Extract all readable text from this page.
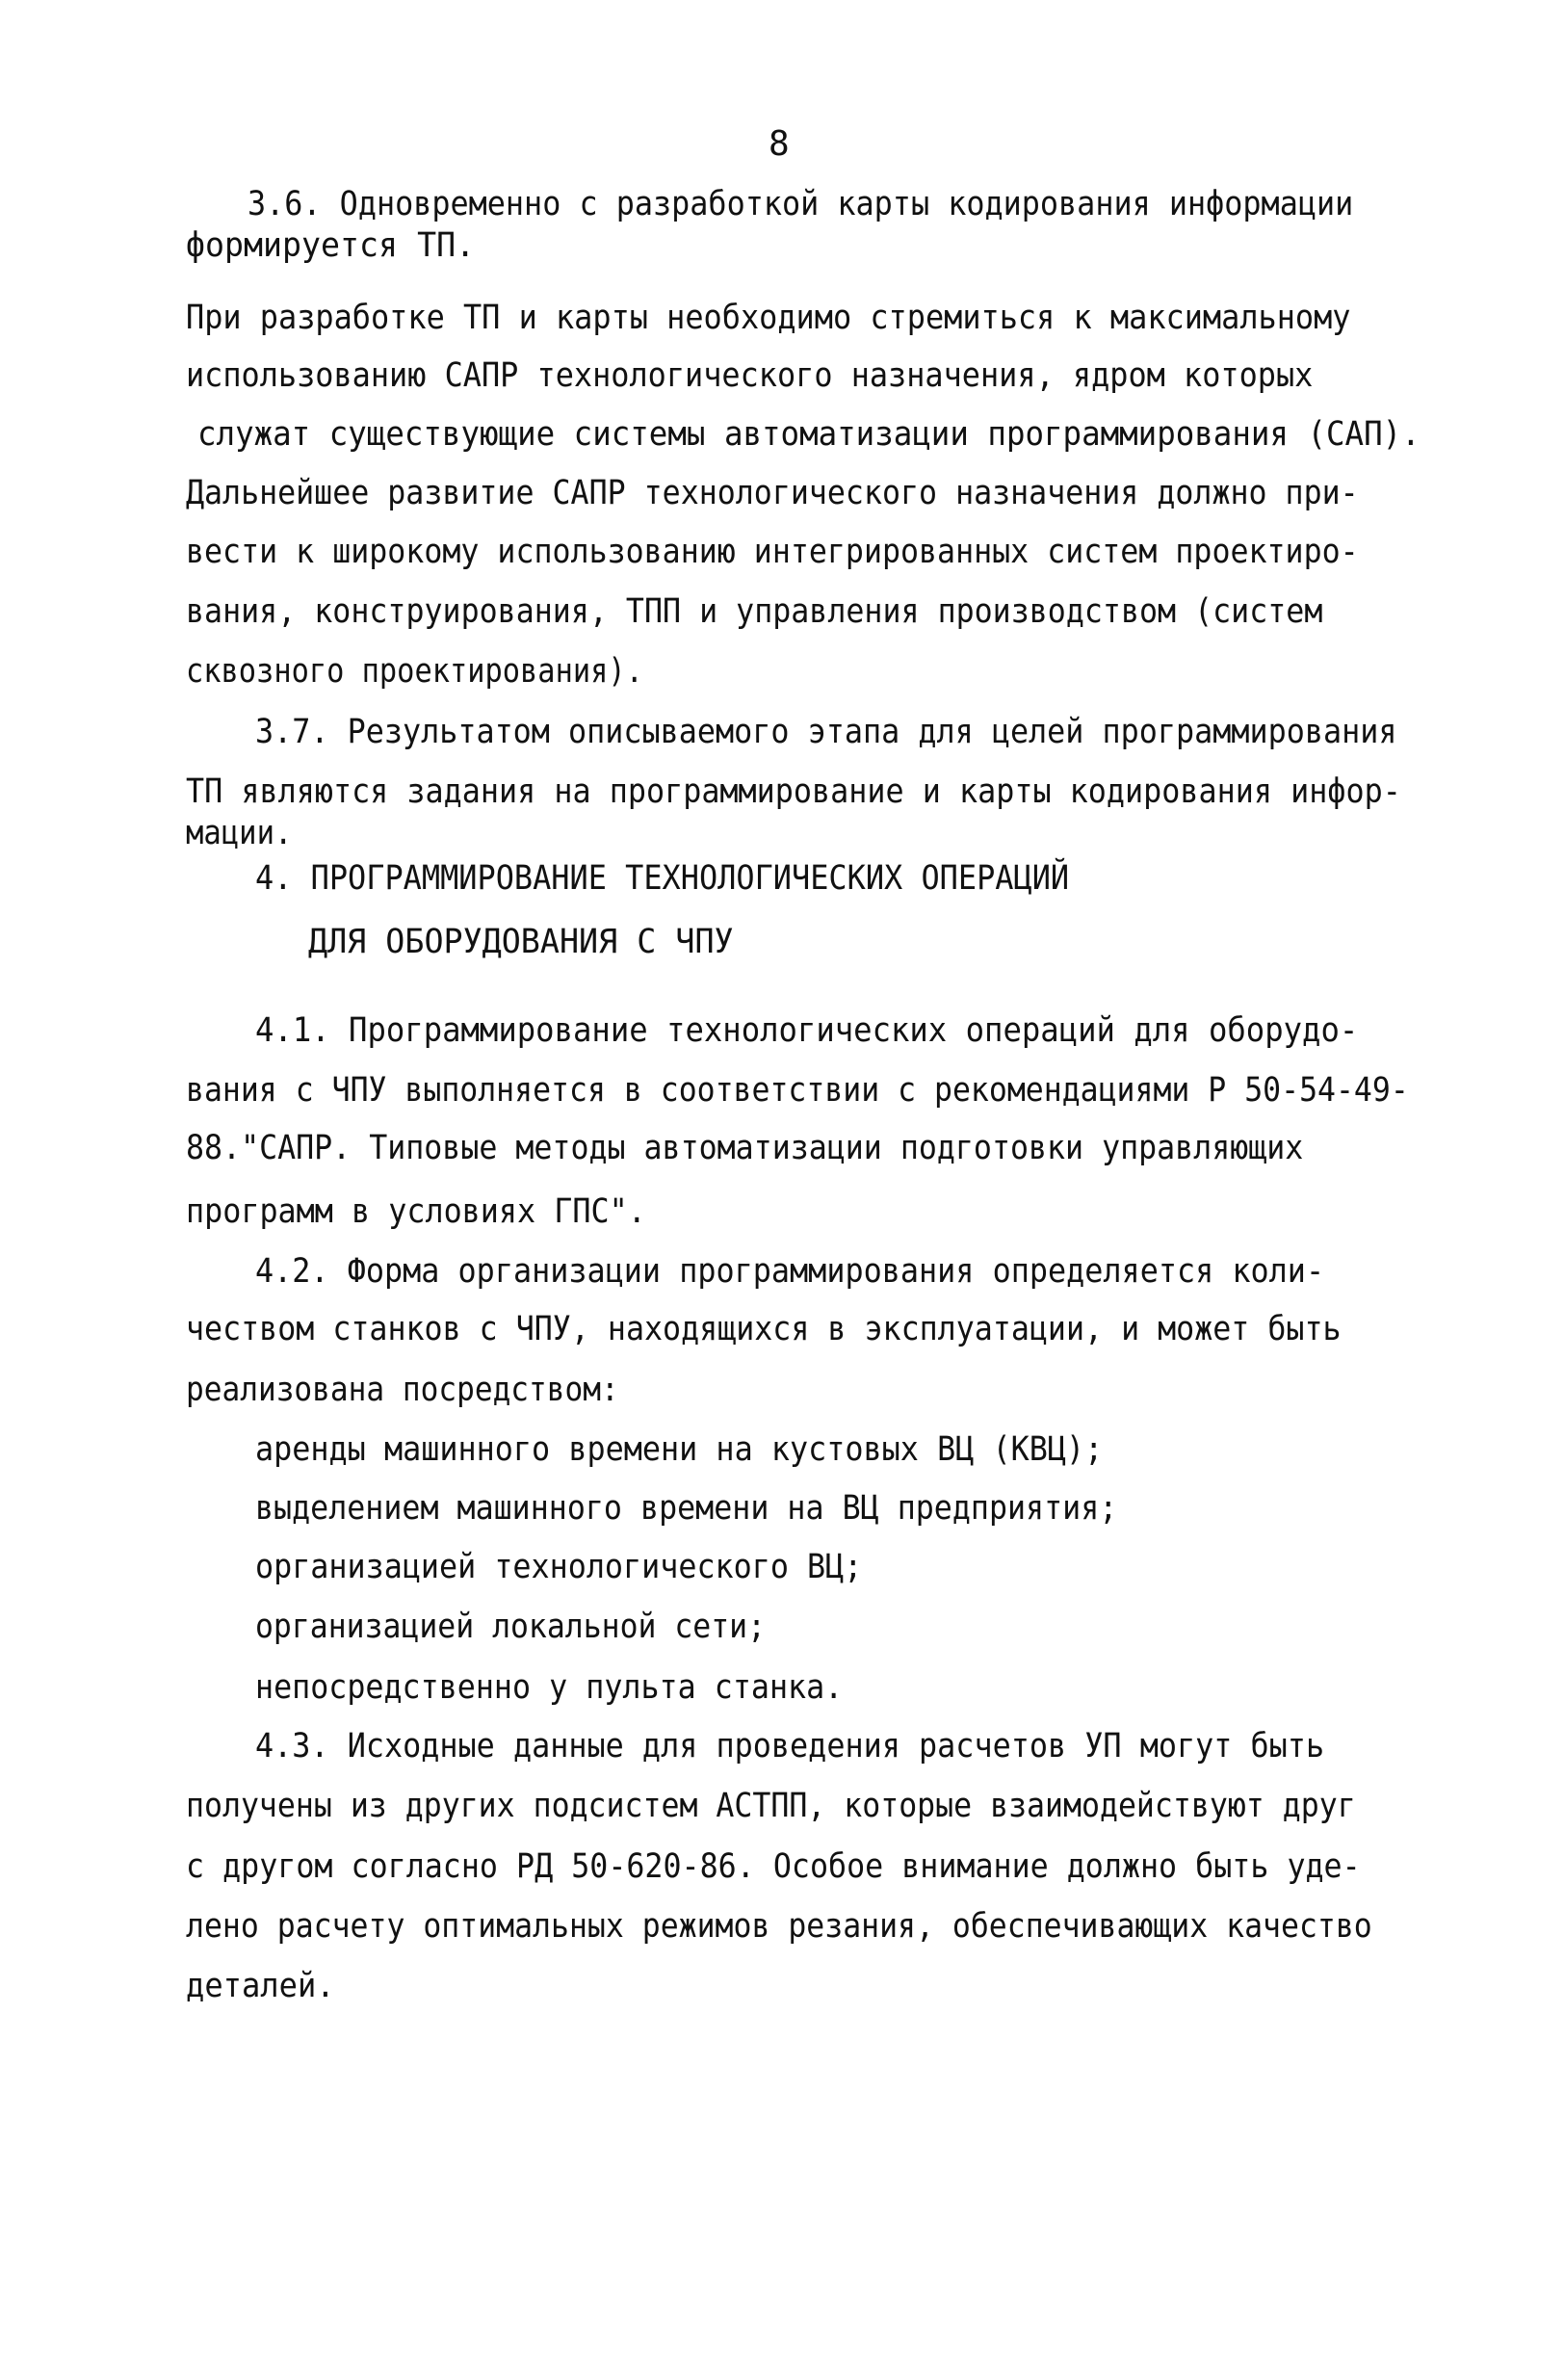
8
3.6. Одновременно с разработкой карты кодирования информации
формируется ТП.
При разработке ТП и карты необходимо стремиться к максимальному
использованию САПР технологического назначения, ядром которых
служат существующие системы автоматизации программирования (САП).
Дальнейшее развитие САПР технологического назначения должно при-
вести к широкому использованию интегрированных систем проектиро-
вания, конструирования, ТПП и управления производством (систем
сквозного проектирования).
3.7. Результатом описываемого этапа для целей программирования
ТП являются задания на программирование и карты кодирования инфор-
мации.
4. ПРОГРАММИРОВАНИЕ ТЕХНОЛОГИЧЕСКИХ ОПЕРАЦИЙ
ДЛЯ ОБОРУДОВАНИЯ С ЧПУ
4.1. Программирование технологических операций для оборудо-
вания с ЧПУ выполняется в соответствии с рекомендациями Р 50-54-49-
88."САПР. Типовые методы автоматизации подготовки управляющих
программ в условиях ГПС".
4.2. Форма организации программирования определяется коли-
чеством станков с ЧПУ, находящихся в эксплуатации, и может быть
реализована посредством:
аренды машинного времени на кустовых ВЦ (КВЦ);
выделением машинного времени на ВЦ предприятия;
организацией технологического ВЦ;
организацией локальной сети;
непосредственно у пульта станка.
4.3. Исходные данные для проведения расчетов УП могут быть
получены из других подсистем АСТПП, которые взаимодействуют друг
с другом согласно РД 50-620-86. Особое внимание должно быть уде-
лено расчету оптимальных режимов резания, обеспечивающих качество
деталей.
